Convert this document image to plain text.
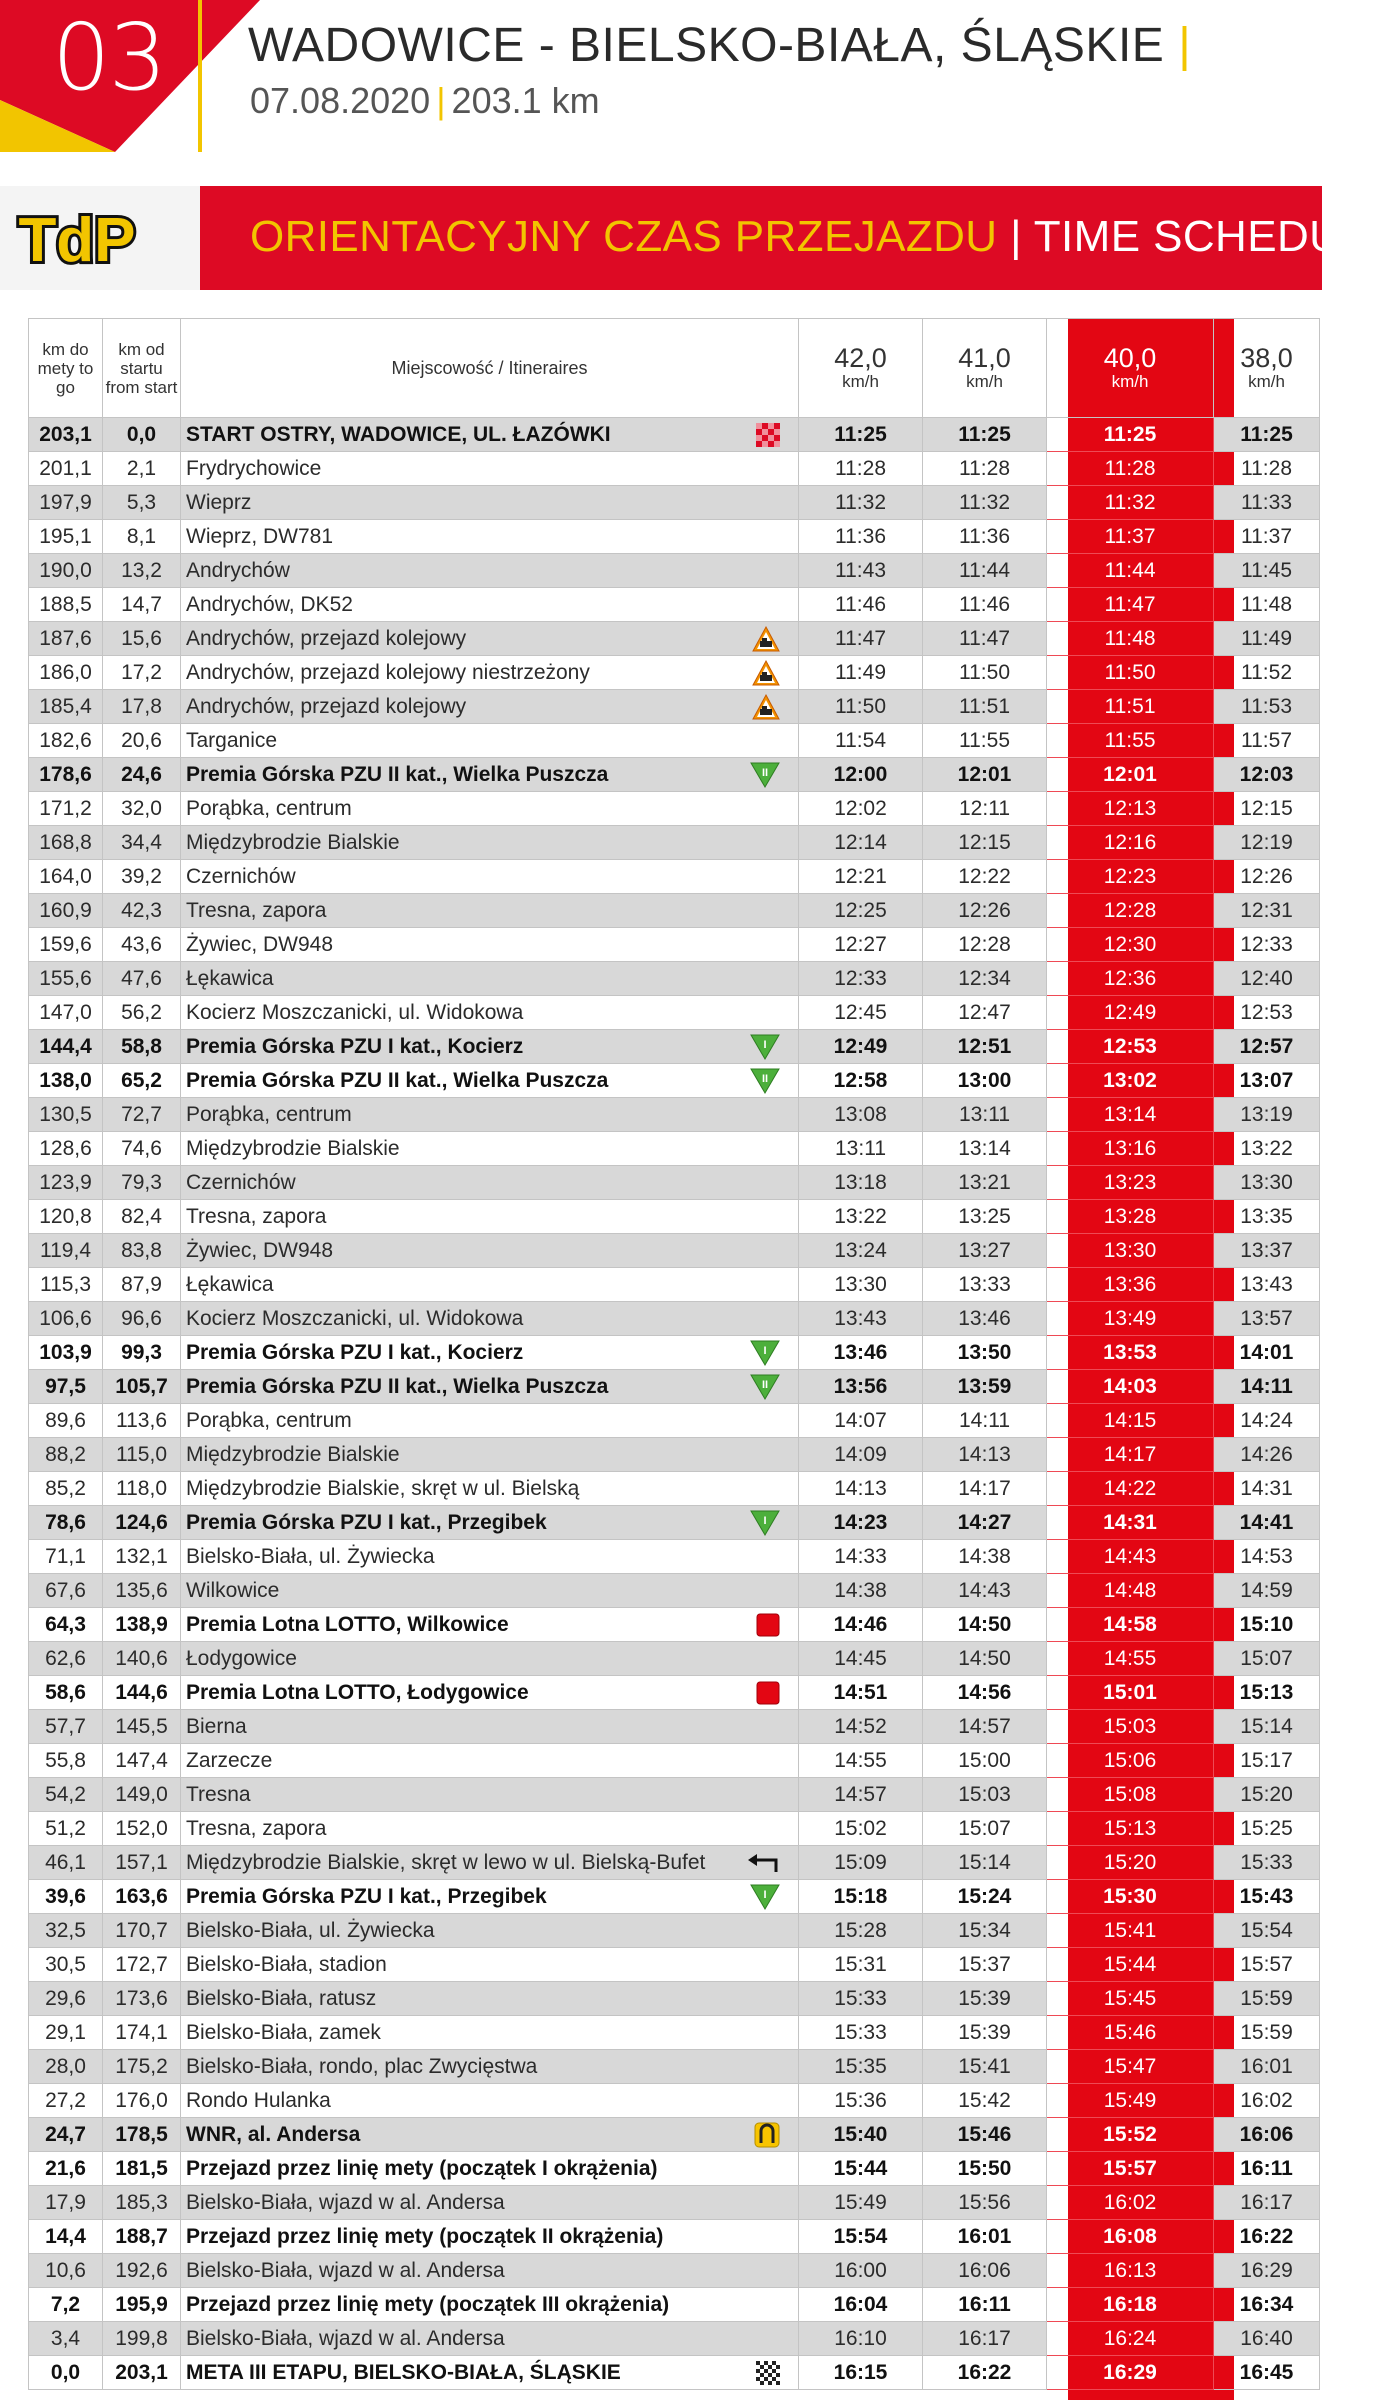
03	WADOWICE - BIELSKO-BIAŁA, ŚLĄSKIE |
07.08.2020 | 203.1 km
TdP	ORIENTACYJNY CZAS PRZEJAZDU | TIME SCHEDULE
km do mety to go
km od startu from start
Miejscowość / Itineraires	42,0
km/h
41,0
km/h
40,0
km/h
38,0
km/h
203,1	0,0	START OSTRY, WADOWICE, UL. ŁAZÓWKI	11:25	11:25	11:25	11:25
201,1	2,1	Frydrychowice	11:28	11:28	11:28	11:28
197,9	5,3	Wieprz	11:32	11:32	11:32	11:33
195,1	8,1	Wieprz, DW781	11:36	11:36	11:37	11:37
190,0	13,2	Andrychów	11:43	11:44	11:44	11:45
188,5	14,7	Andrychów, DK52	11:46	11:46	11:47	11:48
187,6	15,6	Andrychów, przejazd kolejowy	11:47	11:47	11:48	11:49
186,0	17,2	Andrychów, przejazd kolejowy niestrzeżony	11:49	11:50	11:50	11:52
185,4	17,8	Andrychów, przejazd kolejowy	11:50	11:51	11:51	11:53
182,6	20,6	Targanice	11:54	11:55	11:55	11:57
178,6	24,6	Premia Górska PZU II kat., Wielka Puszcza	II	12:00	12:01	12:01	12:03
171,2	32,0	Porąbka, centrum	12:02	12:11	12:13	12:15
168,8	34,4	Międzybrodzie Bialskie	12:14	12:15	12:16	12:19
164,0	39,2	Czernichów	12:21	12:22	12:23	12:26
160,9	42,3	Tresna, zapora	12:25	12:26	12:28	12:31
159,6	43,6	Żywiec, DW948	12:27	12:28	12:30	12:33
155,6	47,6	Łękawica	12:33	12:34	12:36	12:40
147,0	56,2	Kocierz Moszczanicki, ul. Widokowa	12:45	12:47	12:49	12:53
144,4	58,8	Premia Górska PZU I kat., Kocierz	I	12:49	12:51	12:53	12:57
138,0	65,2	Premia Górska PZU II kat., Wielka Puszcza	II	12:58	13:00	13:02	13:07
130,5	72,7	Porąbka, centrum	13:08	13:11	13:14	13:19
128,6	74,6	Międzybrodzie Bialskie	13:11	13:14	13:16	13:22
123,9	79,3	Czernichów	13:18	13:21	13:23	13:30
120,8	82,4	Tresna, zapora	13:22	13:25	13:28	13:35
119,4	83,8	Żywiec, DW948	13:24	13:27	13:30	13:37
115,3	87,9	Łękawica	13:30	13:33	13:36	13:43
106,6	96,6	Kocierz Moszczanicki, ul. Widokowa	13:43	13:46	13:49	13:57
103,9	99,3	Premia Górska PZU I kat., Kocierz	I	13:46	13:50	13:53	14:01
97,5	105,7 Premia Górska PZU II kat., Wielka Puszcza	II	13:56	13:59	14:03	14:11
89,6	113,6 Porąbka, centrum	14:07	14:11	14:15	14:24
88,2	115,0 Międzybrodzie Bialskie	14:09	14:13	14:17	14:26
85,2	118,0 Międzybrodzie Bialskie, skręt w ul. Bielską	14:13	14:17	14:22	14:31
78,6	124,6 Premia Górska PZU I kat., Przegibek	I	14:23	14:27	14:31	14:41
71,1	132,1 Bielsko-Biała, ul. Żywiecka	14:33	14:38	14:43	14:53
67,6	135,6 Wilkowice	14:38	14:43	14:48	14:59
64,3	138,9 Premia Lotna LOTTO, Wilkowice	14:46	14:50	14:58	15:10
62,6	140,6 Łodygowice	14:45	14:50	14:55	15:07
58,6	144,6 Premia Lotna LOTTO, Łodygowice	14:51	14:56	15:01	15:13
57,7	145,5 Bierna	14:52	14:57	15:03	15:14
55,8	147,4 Zarzecze	14:55	15:00	15:06	15:17
54,2	149,0 Tresna	14:57	15:03	15:08	15:20
51,2	152,0 Tresna, zapora	15:02	15:07	15:13	15:25
46,1	157,1 Międzybrodzie Bialskie, skręt w lewo w ul. Bielską-Bufet	15:09	15:14	15:20	15:33
39,6	163,6 Premia Górska PZU I kat., Przegibek	I	15:18	15:24	15:30	15:43
32,5	170,7 Bielsko-Biała, ul. Żywiecka	15:28	15:34	15:41	15:54
30,5	172,7 Bielsko-Biała, stadion	15:31	15:37	15:44	15:57
29,6	173,6 Bielsko-Biała, ratusz	15:33	15:39	15:45	15:59
29,1	174,1 Bielsko-Biała, zamek	15:33	15:39	15:46	15:59
28,0	175,2 Bielsko-Biała, rondo, plac Zwycięstwa	15:35	15:41	15:47	16:01
27,2	176,0 Rondo Hulanka	15:36	15:42	15:49	16:02
24,7	178,5 WNR, al. Andersa	15:40	15:46	15:52	16:06
21,6	181,5 Przejazd przez linię mety (początek I okrążenia)	15:44	15:50	15:57	16:11
17,9	185,3 Bielsko-Biała, wjazd w al. Andersa	15:49	15:56	16:02	16:17
14,4	188,7 Przejazd przez linię mety (początek II okrążenia)	15:54	16:01	16:08	16:22
10,6	192,6 Bielsko-Biała, wjazd w al. Andersa	16:00	16:06	16:13	16:29
7,2	195,9 Przejazd przez linię mety (początek III okrążenia)	16:04	16:11	16:18	16:34
3,4	199,8 Bielsko-Biała, wjazd w al. Andersa	16:10	16:17	16:24	16:40
0,0	203,1 META III ETAPU, BIELSKO-BIAŁA, ŚLĄSKIE	16:15	16:22	16:29	16:45
